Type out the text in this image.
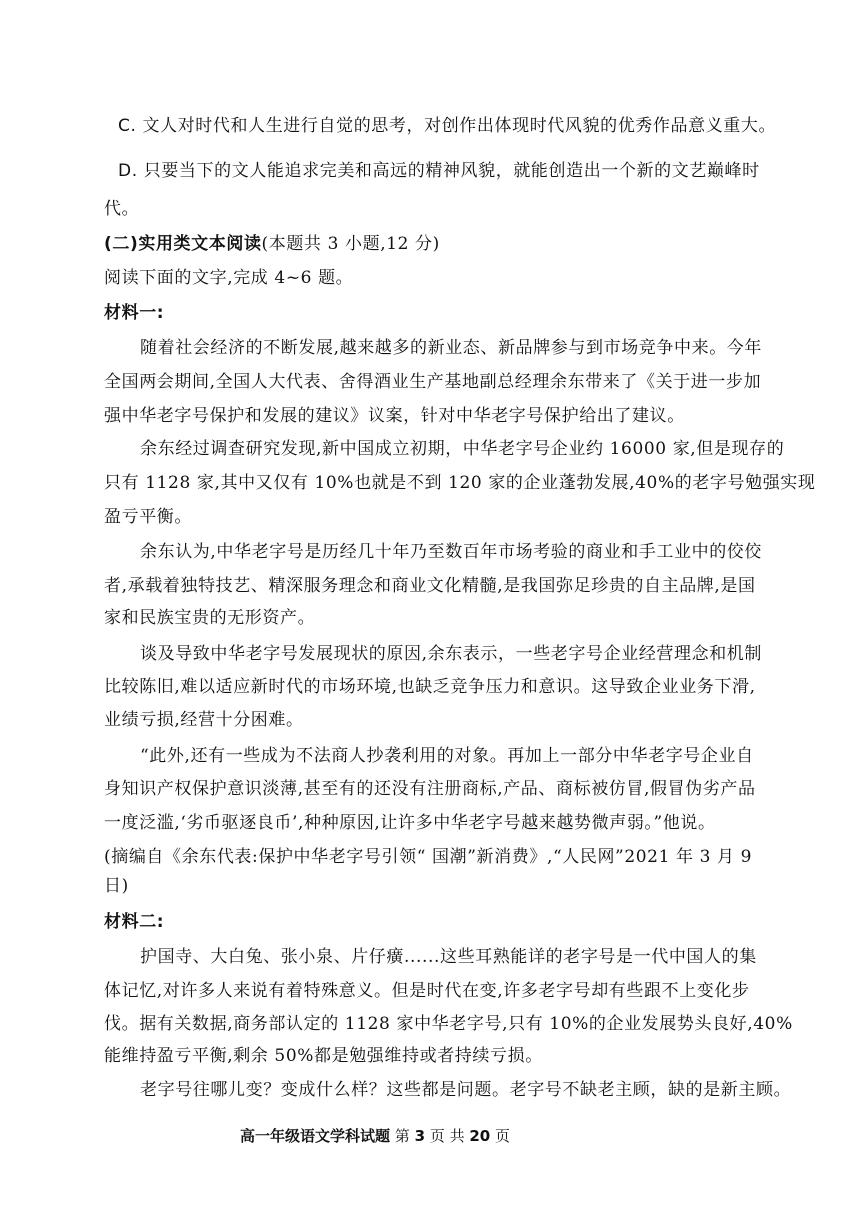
C. 文人对时代和人生进行自觉的思考，对创作出体现时代风貌的优秀作品意义重大。
D. 只要当下的文人能追求完美和高远的精神风貌，就能创造出一个新的文艺巅峰时
代。
(二)实用类文本阅读(本题共 3 小题,12 分)
阅读下面的文字,完成 4~6 题。
材料一:
随着社会经济的不断发展,越来越多的新业态、新品牌参与到市场竞争中来。今年
全国两会期间,全国人大代表、舍得酒业生产基地副总经理余东带来了《关于进一步加
强中华老字号保护和发展的建议》议案，针对中华老字号保护给出了建议。
余东经过调查研究发现,新中国成立初期，中华老字号企业约 16000 家,但是现存的
只有 1128 家,其中又仅有 10%也就是不到 120 家的企业蓬勃发展,40%的老字号勉强实现
盈亏平衡。
余东认为,中华老字号是历经几十年乃至数百年市场考验的商业和手工业中的佼佼
者,承载着独特技艺、精深服务理念和商业文化精髓,是我国弥足珍贵的自主品牌,是国
家和民族宝贵的无形资产。
谈及导致中华老字号发展现状的原因,余东表示，一些老字号企业经营理念和机制
比较陈旧,难以适应新时代的市场环境,也缺乏竞争压力和意识。这导致企业业务下滑,
业绩亏损,经营十分困难。
“此外,还有一些成为不法商人抄袭利用的对象。再加上一部分中华老字号企业自
身知识产权保护意识淡薄,甚至有的还没有注册商标,产品、商标被仿冒,假冒伪劣产品
一度泛滥,‘劣币驱逐良币’,种种原因,让许多中华老字号越来越势微声弱。”他说。
(摘编自《余东代表:保护中华老字号引领“ 国潮”新消费》,“人民网”2021 年 3 月 9
日)
材料二:
护国寺、大白兔、张小泉、片仔癀......这些耳熟能详的老字号是一代中国人的集
体记忆,对许多人来说有着特殊意义。但是时代在变,许多老字号却有些跟不上变化步
伐。据有关数据,商务部认定的 1128 家中华老字号,只有 10%的企业发展势头良好,40%
能维持盈亏平衡,剩余 50%都是勉强维持或者持续亏损。
老字号往哪儿变？变成什么样？这些都是问题。老字号不缺老主顾，缺的是新主顾。
高一年级语文学科试题 第 3 页 共 20 页
